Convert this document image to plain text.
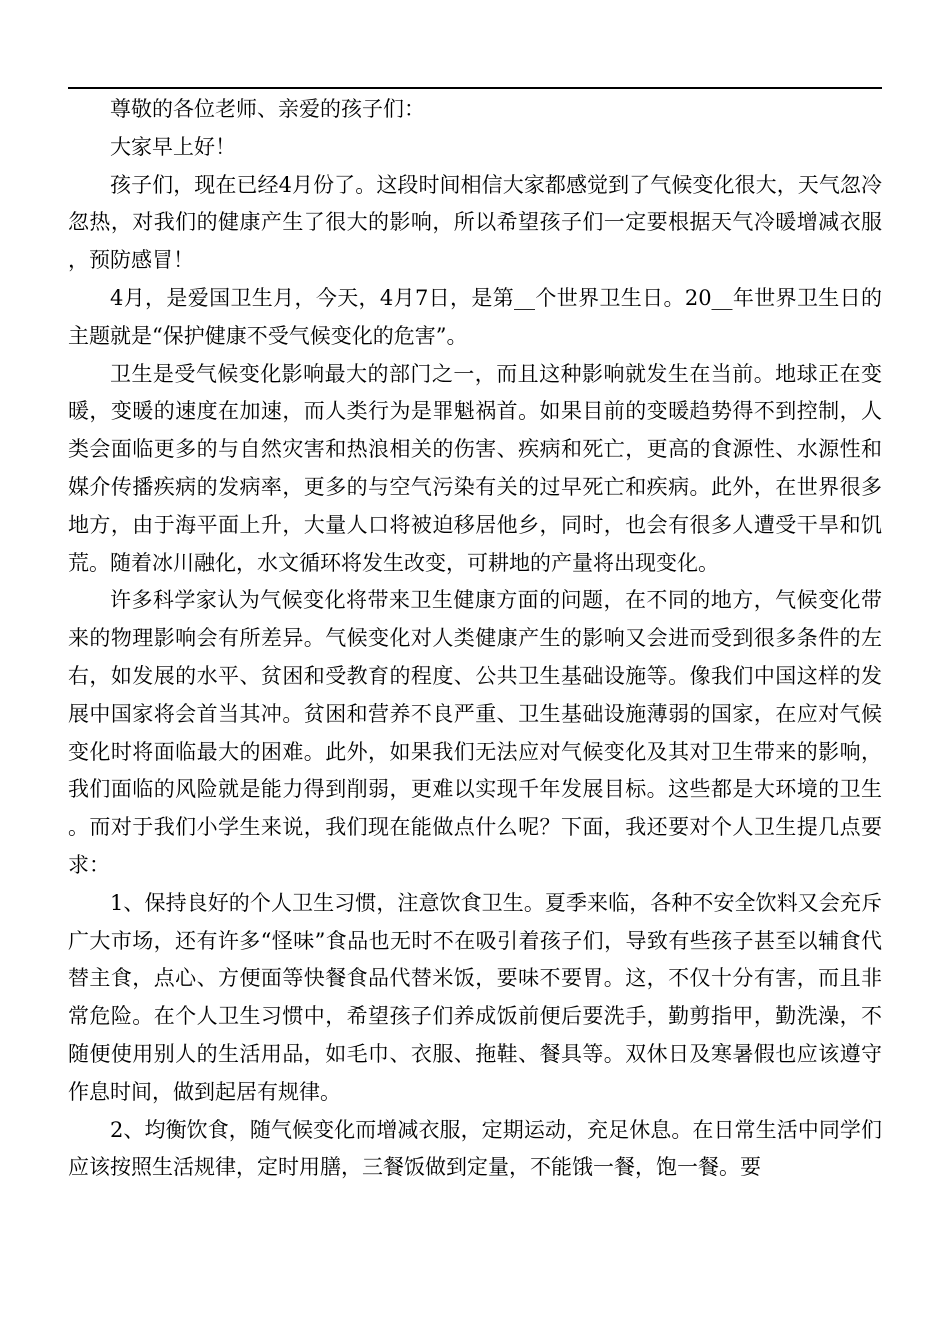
尊敬的各位老师、亲爱的孩子们：

大家早上好！

孩子们，现在已经4月份了。这段时间相信大家都感觉到了气候变化很大，天气忽冷忽热，对我们的健康产生了很大的影响，所以希望孩子们一定要根据天气冷暖增减衣服，预防感冒！

4月，是爱国卫生月，今天，4月7日，是第__个世界卫生日。20__年世界卫生日的主题就是“保护健康不受气候变化的危害”。

卫生是受气候变化影响最大的部门之一，而且这种影响就发生在当前。地球正在变暖，变暖的速度在加速，而人类行为是罪魁祸首。如果目前的变暖趋势得不到控制，人类会面临更多的与自然灾害和热浪相关的伤害、疾病和死亡，更高的食源性、水源性和媒介传播疾病的发病率，更多的与空气污染有关的过早死亡和疾病。此外，在世界很多地方，由于海平面上升，大量人口将被迫移居他乡，同时，也会有很多人遭受干旱和饥荒。随着冰川融化，水文循环将发生改变，可耕地的产量将出现变化。

许多科学家认为气候变化将带来卫生健康方面的问题，在不同的地方，气候变化带来的物理影响会有所差异。气候变化对人类健康产生的影响又会进而受到很多条件的左右，如发展的水平、贫困和受教育的程度、公共卫生基础设施等。像我们中国这样的发展中国家将会首当其冲。贫困和营养不良严重、卫生基础设施薄弱的国家，在应对气候变化时将面临最大的困难。此外，如果我们无法应对气候变化及其对卫生带来的影响，我们面临的风险就是能力得到削弱，更难以实现千年发展目标。这些都是大环境的卫生。而对于我们小学生来说，我们现在能做点什么呢？下面，我还要对个人卫生提几点要求：

1、保持良好的个人卫生习惯，注意饮食卫生。夏季来临，各种不安全饮料又会充斥广大市场，还有许多“怪味”食品也无时不在吸引着孩子们，导致有些孩子甚至以辅食代替主食，点心、方便面等快餐食品代替米饭，要味不要胃。这，不仅十分有害，而且非常危险。在个人卫生习惯中，希望孩子们养成饭前便后要洗手，勤剪指甲，勤洗澡，不随便使用别人的生活用品，如毛巾、衣服、拖鞋、餐具等。双休日及寒暑假也应该遵守作息时间，做到起居有规律。

2、均衡饮食，随气候变化而增减衣服，定期运动，充足休息。在日常生活中同学们应该按照生活规律，定时用膳，三餐饭做到定量，不能饿一餐，饱一餐。要
